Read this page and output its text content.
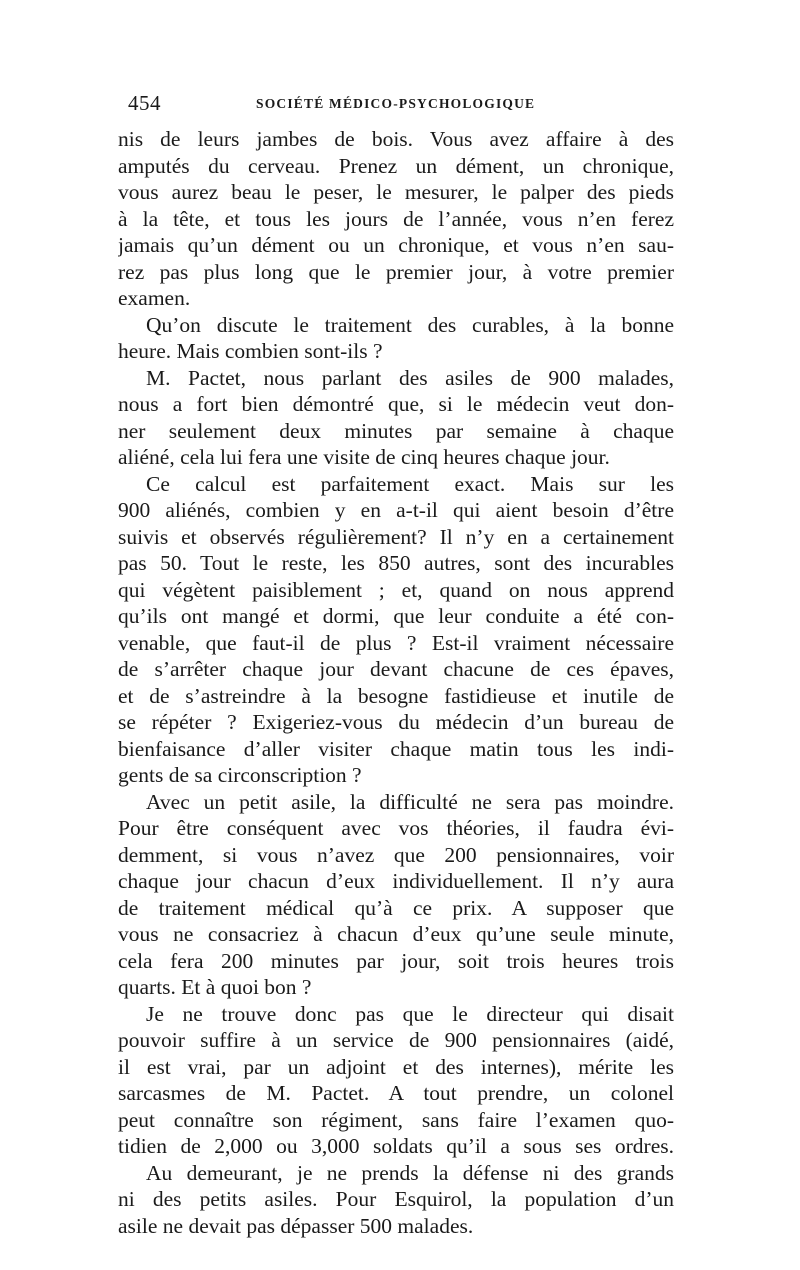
454	SOCIÉTÉ MÉDICO-PSYCHOLOGIQUE
nis de leurs jambes de bois. Vous avez affaire à des
amputés du cerveau. Prenez un dément, un chronique,
vous aurez beau le peser, le mesurer, le palper des pieds
à la tête, et tous les jours de l’année, vous n’en ferez
jamais qu’un dément ou un chronique, et vous n’en sau-
rez pas plus long que le premier jour, à votre premier
examen.
Qu’on discute le traitement des curables, à la bonne
heure. Mais combien sont-ils ?
M. Pactet, nous parlant des asiles de 900 malades,
nous a fort bien démontré que, si le médecin veut don-
ner seulement deux minutes par semaine à chaque
aliéné, cela lui fera une visite de cinq heures chaque jour.
Ce calcul est parfaitement exact. Mais sur les
900 aliénés, combien y en a-t-il qui aient besoin d’être
suivis et observés régulièrement? Il n’y en a certainement
pas 50. Tout le reste, les 850 autres, sont des incurables
qui végètent paisiblement ; et, quand on nous apprend
qu’ils ont mangé et dormi, que leur conduite a été con-
venable, que faut-il de plus ? Est-il vraiment nécessaire
de s’arrêter chaque jour devant chacune de ces épaves,
et de s’astreindre à la besogne fastidieuse et inutile de
se répéter ? Exigeriez-vous du médecin d’un bureau de
bienfaisance d’aller visiter chaque matin tous les indi-
gents de sa circonscription ?
Avec un petit asile, la difficulté ne sera pas moindre.
Pour être conséquent avec vos théories, il faudra évi-
demment, si vous n’avez que 200 pensionnaires, voir
chaque jour chacun d’eux individuellement. Il n’y aura
de traitement médical qu’à ce prix. A supposer que
vous ne consacriez à chacun d’eux qu’une seule minute,
cela fera 200 minutes par jour, soit trois heures trois
quarts. Et à quoi bon ?
Je ne trouve donc pas que le directeur qui disait
pouvoir suffire à un service de 900 pensionnaires (aidé,
il est vrai, par un adjoint et des internes), mérite les
sarcasmes de M. Pactet. A tout prendre, un colonel
peut connaître son régiment, sans faire l’examen quo-
tidien de 2,000 ou 3,000 soldats qu’il a sous ses ordres.
Au demeurant, je ne prends la défense ni des grands
ni des petits asiles. Pour Esquirol, la population d’un
asile ne devait pas dépasser 500 malades.
